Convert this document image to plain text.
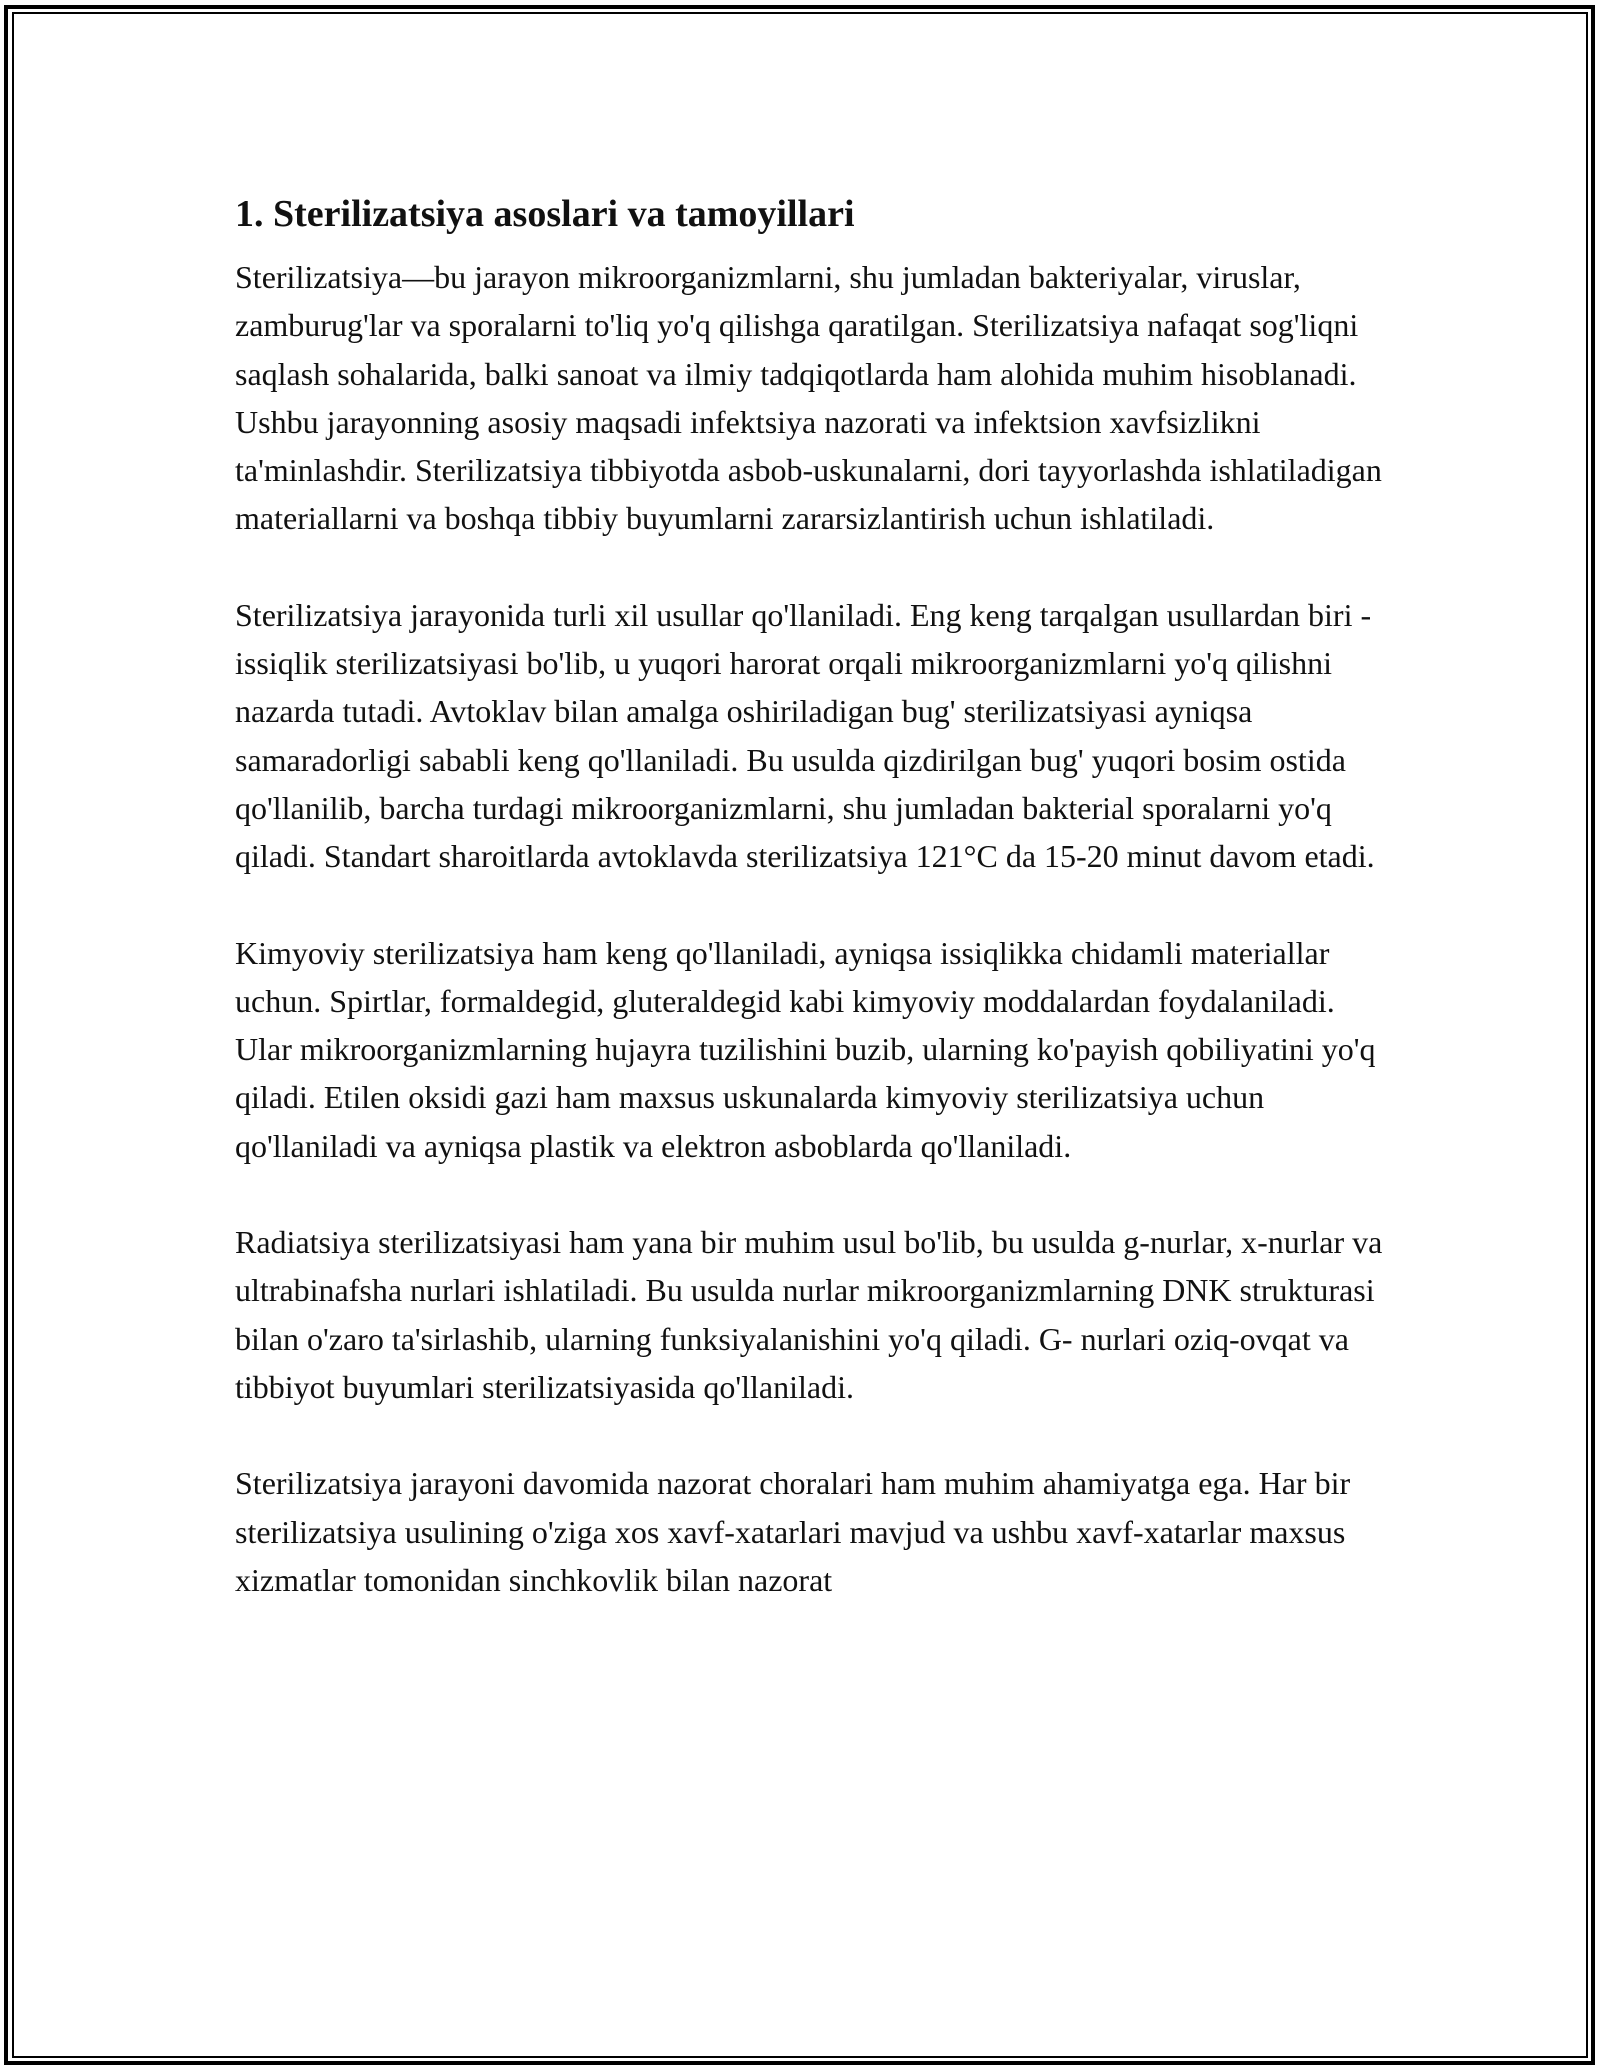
1. Sterilizatsiya asoslari va tamoyillari

Sterilizatsiya—bu jarayon mikroorganizmlarni, shu jumladan bakteriyalar, viruslar, zamburug'lar va sporalarni to'liq yo'q qilishga qaratilgan. Sterilizatsiya nafaqat sog'liqni saqlash sohalarida, balki sanoat va ilmiy tadqiqotlarda ham alohida muhim hisoblanadi. Ushbu jarayonning asosiy maqsadi infektsiya nazorati va infektsion xavfsizlikni ta'minlashdir. Sterilizatsiya tibbiyotda asbob-uskunalarni, dori tayyorlashda ishlatiladigan materiallarni va boshqa tibbiy buyumlarni zararsizlantirish uchun ishlatiladi.

Sterilizatsiya jarayonida turli xil usullar qo'llaniladi. Eng keng tarqalgan usullardan biri - issiqlik sterilizatsiyasi bo'lib, u yuqori harorat orqali mikroorganizmlarni yo'q qilishni nazarda tutadi. Avtoklav bilan amalga oshiriladigan bug' sterilizatsiyasi ayniqsa samaradorligi sababli keng qo'llaniladi. Bu usulda qizdirilgan bug' yuqori bosim ostida qo'llanilib, barcha turdagi mikroorganizmlarni, shu jumladan bakterial sporalarni yo'q qiladi. Standart sharoitlarda avtoklavda sterilizatsiya 121°C da 15-20 minut davom etadi.

Kimyoviy sterilizatsiya ham keng qo'llaniladi, ayniqsa issiqlikka chidamli materiallar uchun. Spirtlar, formaldegid, gluteraldegid kabi kimyoviy moddalardan foydalaniladi. Ular mikroorganizmlarning hujayra tuzilishini buzib, ularning ko'payish qobiliyatini yo'q qiladi. Etilen oksidi gazi ham maxsus uskunalarda kimyoviy sterilizatsiya uchun qo'llaniladi va ayniqsa plastik va elektron asboblarda qo'llaniladi.

Radiatsiya sterilizatsiyasi ham yana bir muhim usul bo'lib, bu usulda g-nurlar, x-nurlar va ultrabinafsha nurlari ishlatiladi. Bu usulda nurlar mikroorganizmlarning DNK strukturasi bilan o'zaro ta'sirlashib, ularning funksiyalanishini yo'q qiladi. G- nurlari oziq-ovqat va tibbiyot buyumlari sterilizatsiyasida qo'llaniladi.

Sterilizatsiya jarayoni davomida nazorat choralari ham muhim ahamiyatga ega. Har bir sterilizatsiya usulining o'ziga xos xavf-xatarlari mavjud va ushbu xavf-xatarlar maxsus xizmatlar tomonidan sinchkovlik bilan nazorat
